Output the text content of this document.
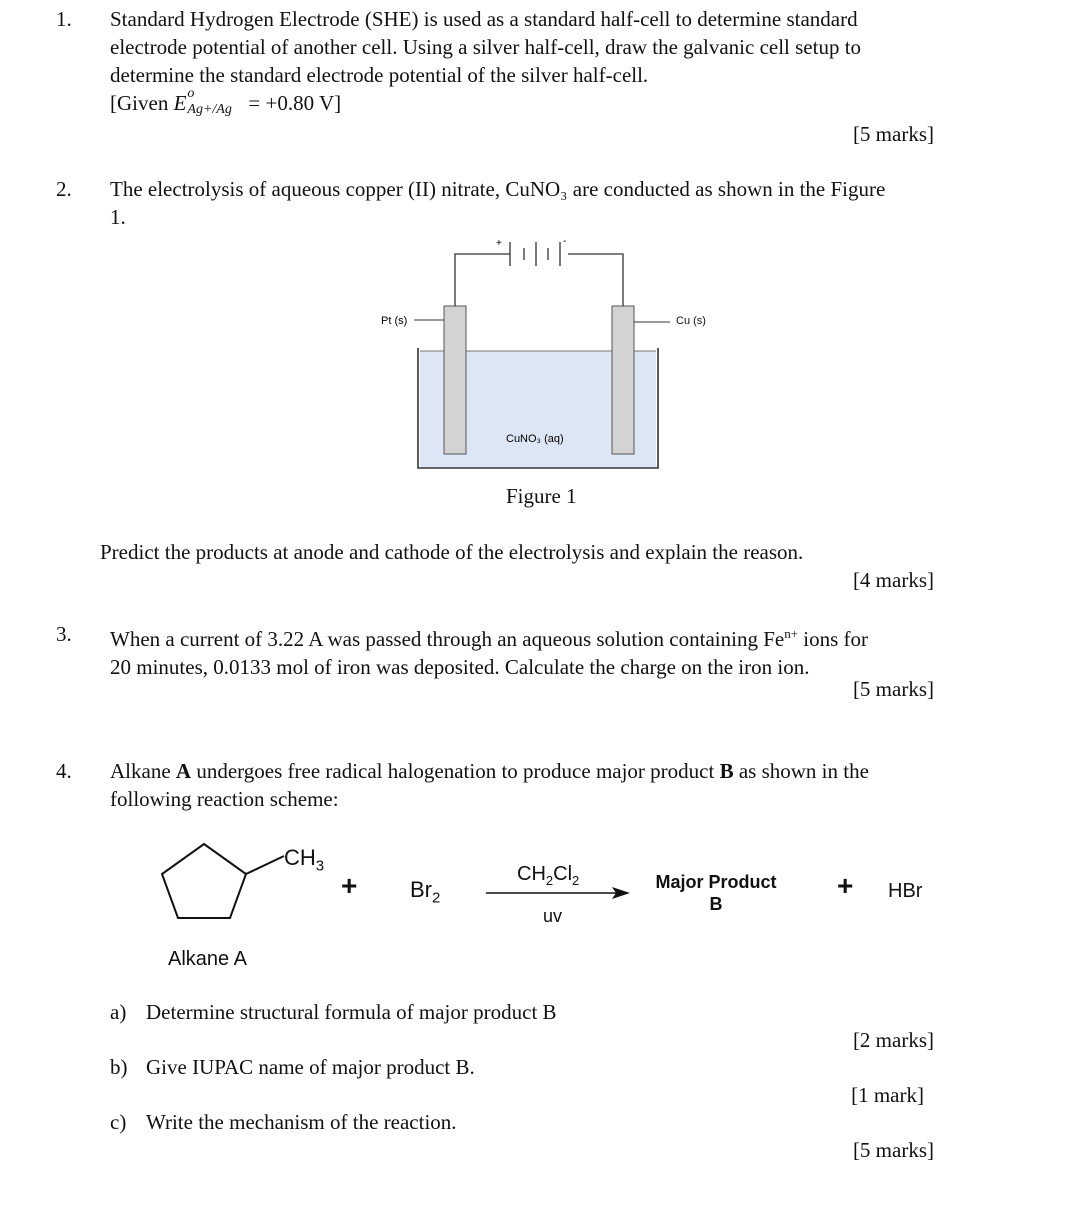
1. Standard Hydrogen Electrode (SHE) is used as a standard half-cell to determine standard
electrode potential of another cell. Using a silver half-cell, draw the galvanic cell setup to
determine the standard electrode potential of the silver half-cell.
[Given E o
Ag+/Ag = +0.80 V]
[5 marks]
2. The electrolysis of aqueous copper (II) nitrate, CuNO₃ are conducted as shown in the Figure
1.
+	-
Pt (s)
CuNO₃ (aq)
Cu (s)
Figure 1
Predict the products at anode and cathode of the electrolysis and explain the reason.
[4 marks]
3. When a current of 3.22 A was passed through an aqueous solution containing $Fe^{n+}$ ions for
20 minutes, 0.0133 mol of iron was deposited. Calculate the charge on the iron ion.
[5 marks]
4. Alkane A undergoes free radical halogenation to produce major product B as shown in the
following reaction scheme:
$CH_3$
+ $Br_2$
$CH_2Cl_2$
uv
Major Product
B
+ HBr
Alkane A
a) Determine structural formula of major product B
[2 marks]
b) Give IUPAC name of major product B.
[1 mark]
c) Write the mechanism of the reaction.
[5 marks]
